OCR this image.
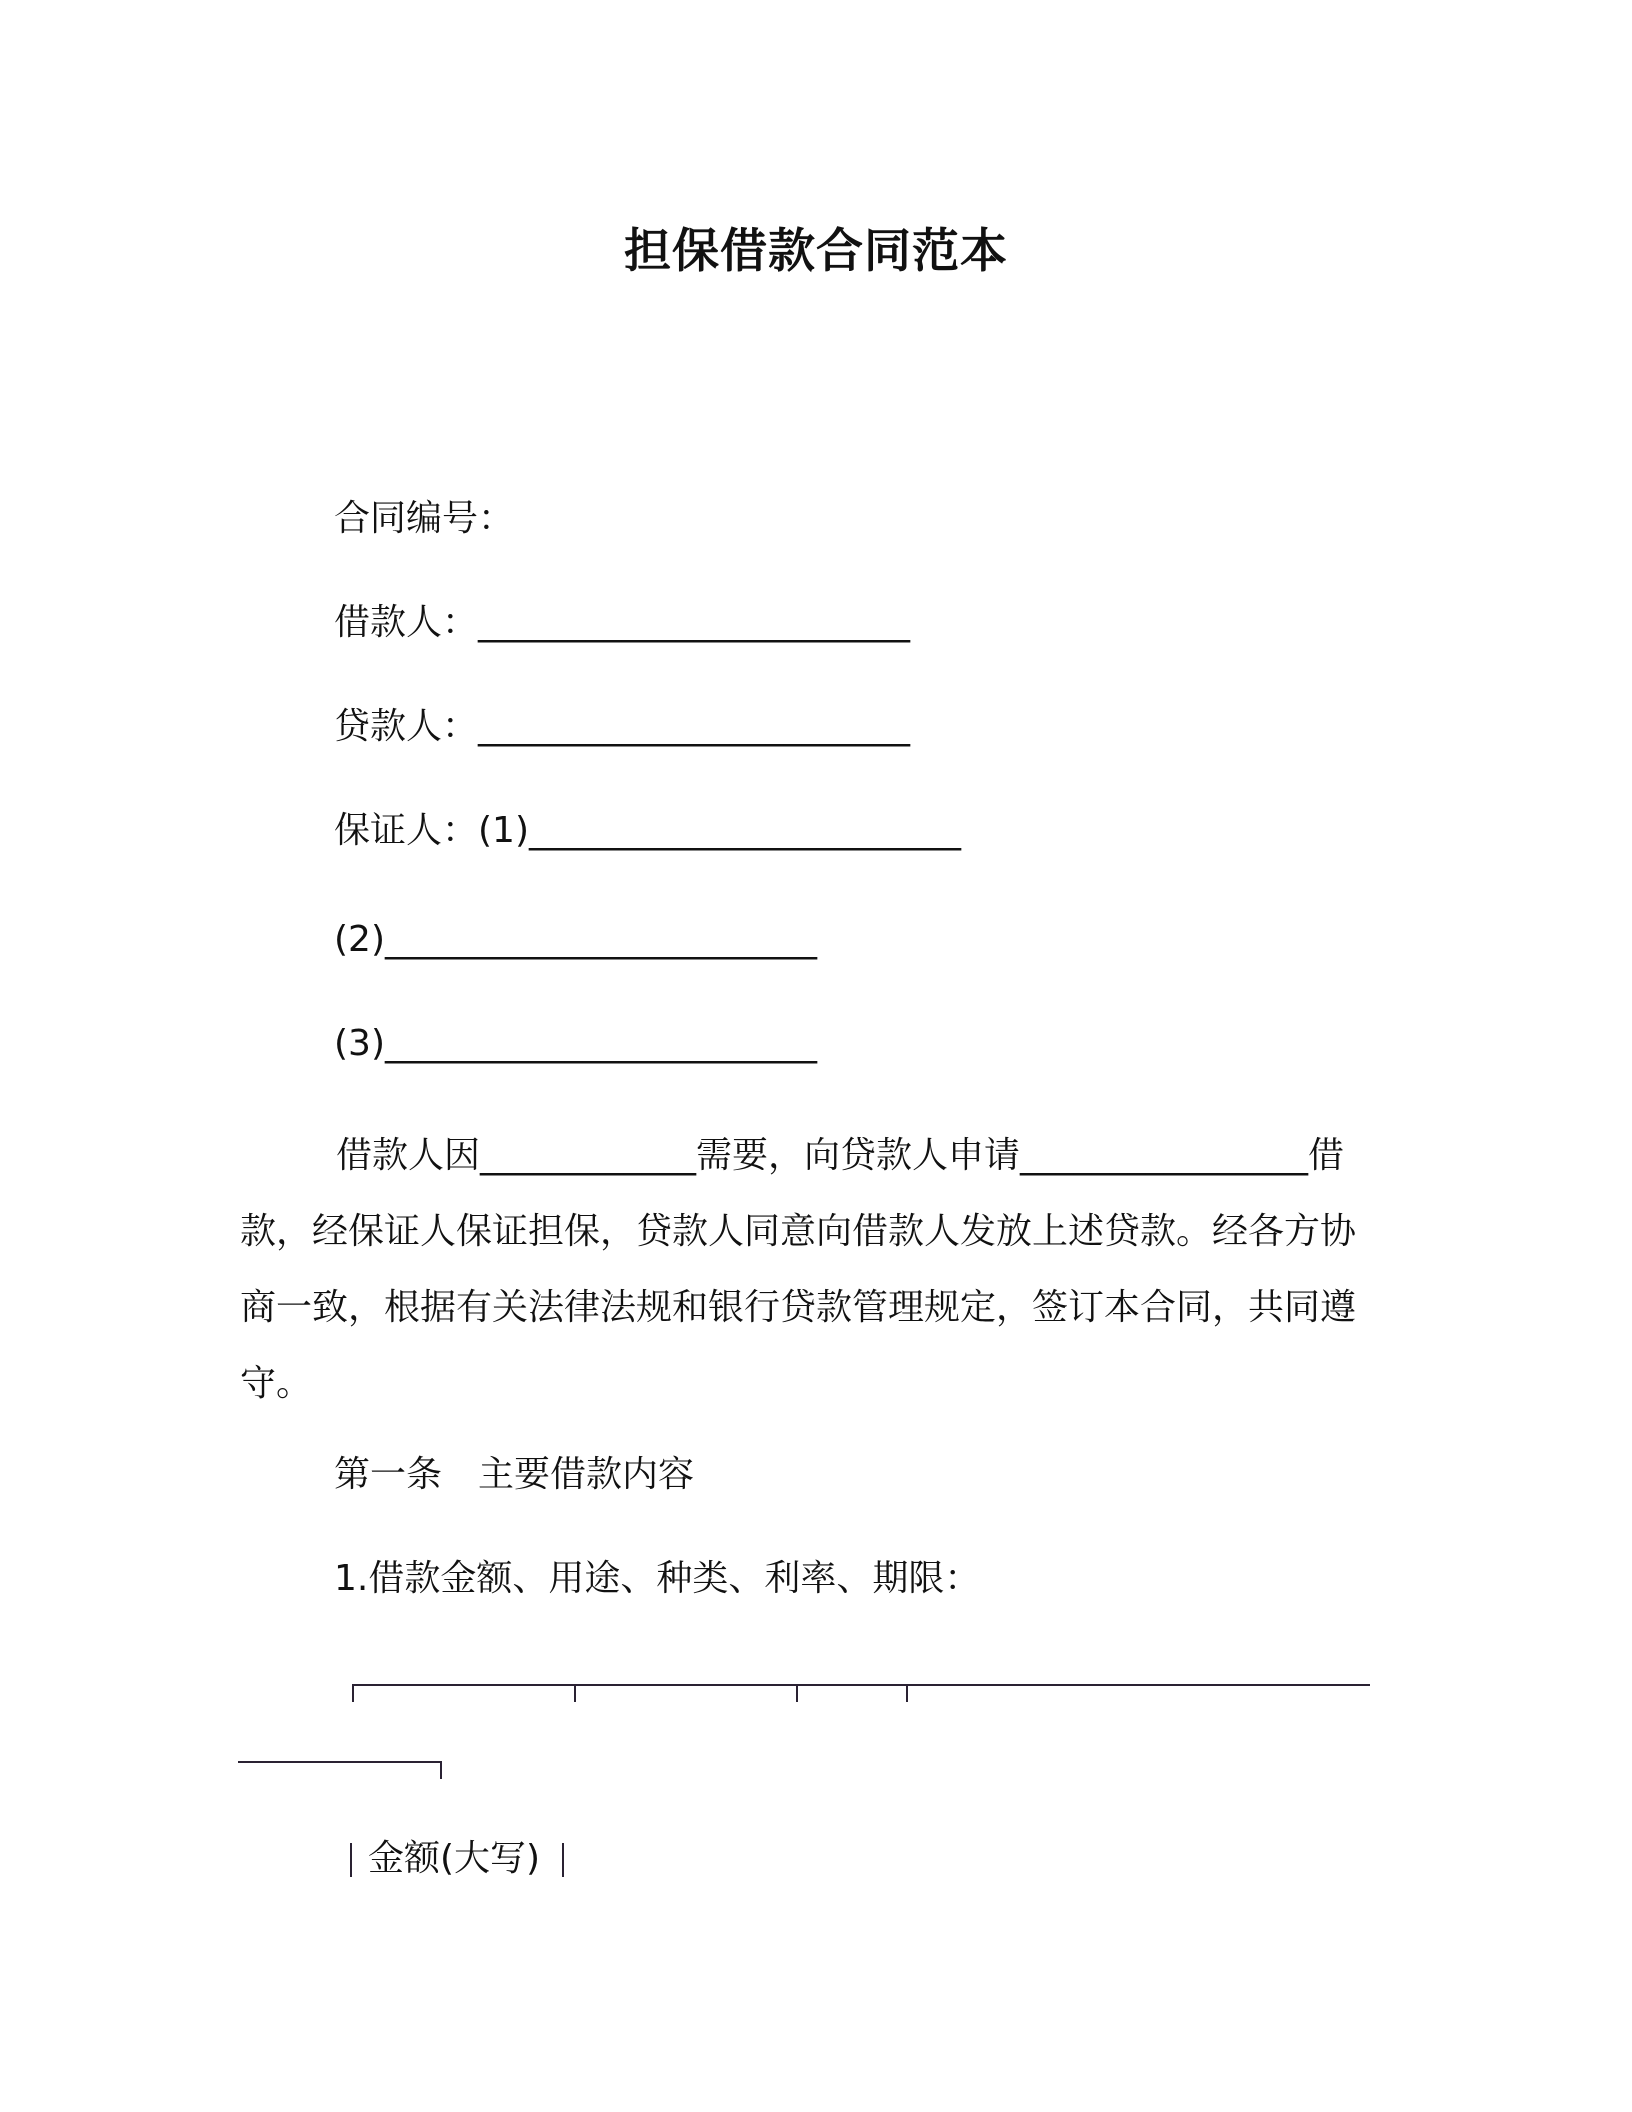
担保借款合同范本
合同编号：
借款人：________________________
贷款人：________________________
保证人：(1)________________________
(2)________________________
(3)________________________
借款人因____________需要，向贷款人申请________________借款，经保证人保证担保，贷款人同意向借款人发放上述贷款。经各方协商一致，根据有关法律法规和银行贷款管理规定，签订本合同，共同遵守。
第一条　主要借款内容
1.借款金额、用途、种类、利率、期限：
金额(大写)
